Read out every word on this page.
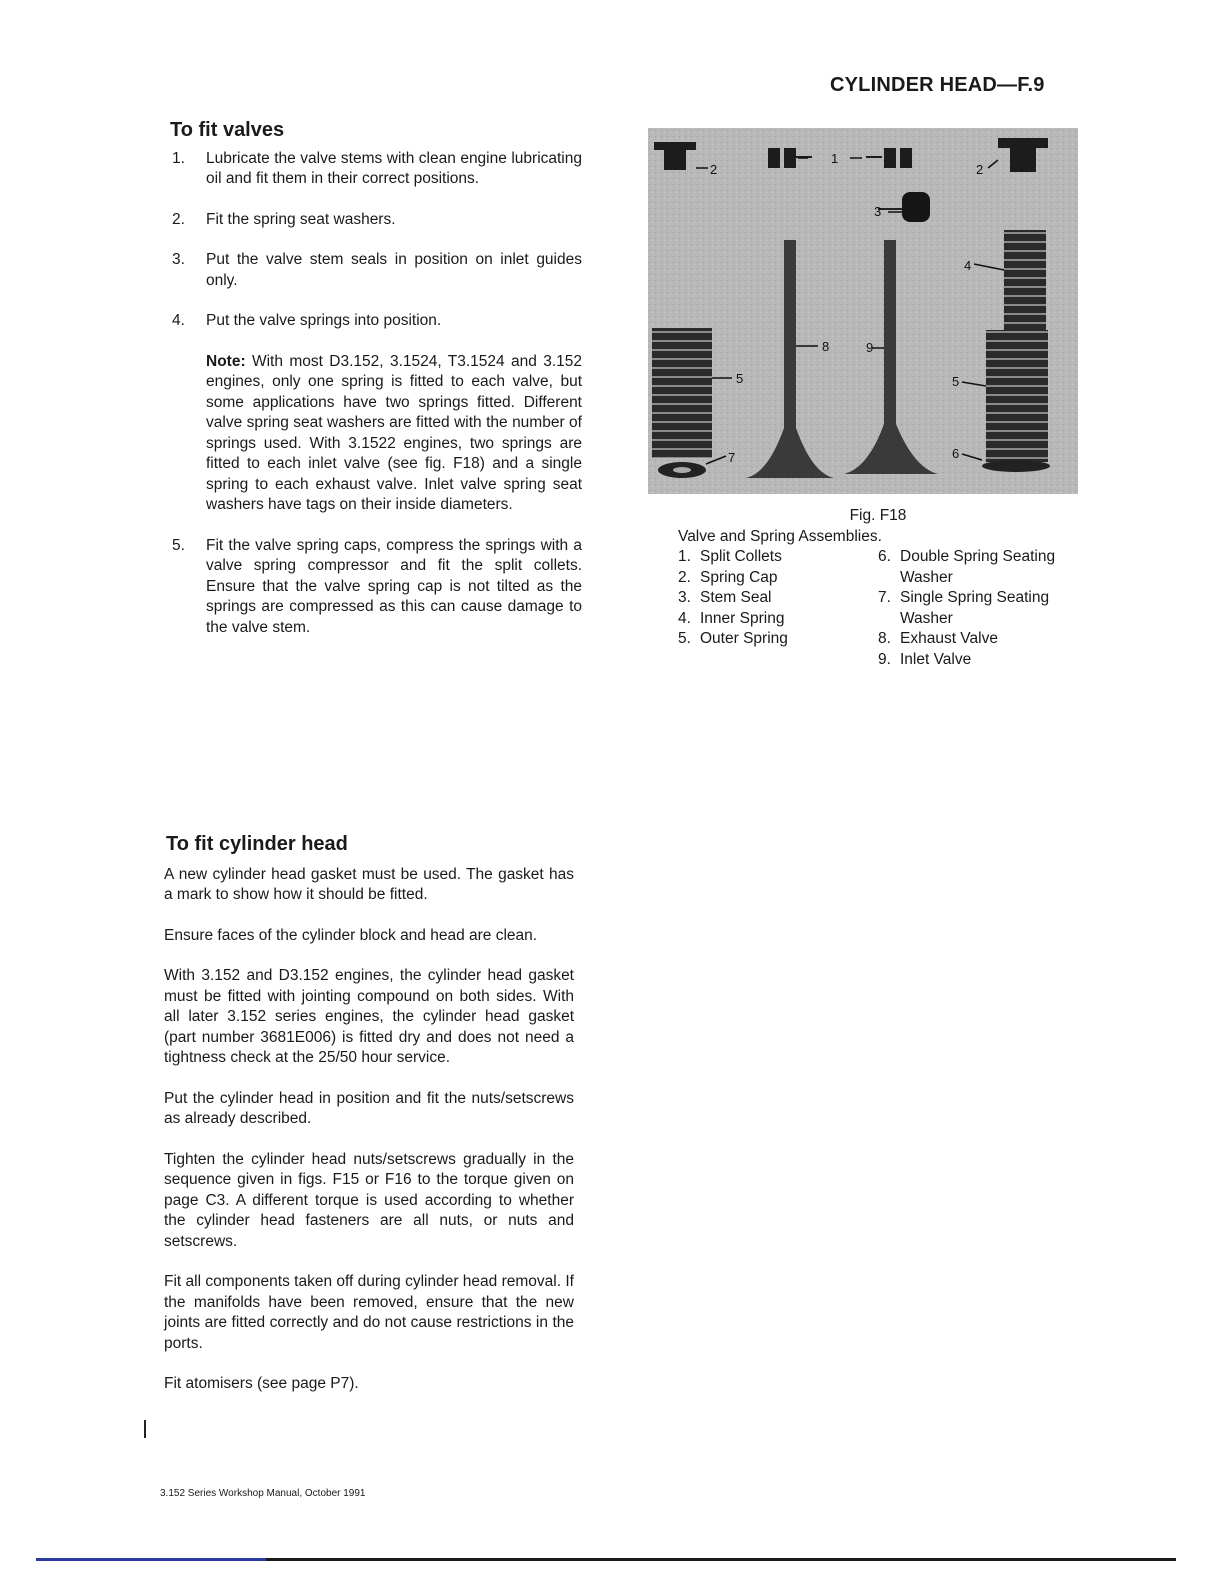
CYLINDER HEAD—F.9
To fit valves
1. Lubricate the valve stems with clean engine lubricating oil and fit them in their correct positions.
2. Fit the spring seat washers.
3. Put the valve stem seals in position on inlet guides only.
4. Put the valve springs into position.
Note: With most D3.152, 3.1524, T3.1524 and 3.152 engines, only one spring is fitted to each valve, but some applications have two springs fitted. Different valve spring seat washers are fitted with the number of springs used. With 3.1522 engines, two springs are fitted to each inlet valve (see fig. F18) and a single spring to each exhaust valve. Inlet valve spring seat washers have tags on their inside diameters.
5. Fit the valve spring caps, compress the springs with a valve spring compressor and fit the split collets. Ensure that the valve spring cap is not tilted as the springs are compressed as this can cause damage to the valve stem.
To fit cylinder head

A new cylinder head gasket must be used. The gasket has a mark to show how it should be fitted.

Ensure faces of the cylinder block and head are clean.

With 3.152 and D3.152 engines, the cylinder head gasket must be fitted with jointing compound on both sides. With all later 3.152 series engines, the cylinder head gasket (part number 3681E006) is fitted dry and does not need a tightness check at the 25/50 hour service.

Put the cylinder head in position and fit the nuts/setscrews as already described.

Tighten the cylinder head nuts/setscrews gradually in the sequence given in figs. F15 or F16 to the torque given on page C3. A different torque is used according to whether the cylinder head fasteners are all nuts, or nuts and setscrews.

Fit all components taken off during cylinder head removal. If the manifolds have been removed, ensure that the new joints are fitted correctly and do not cause restrictions in the ports.

Fit atomisers (see page P7).

2
1
2
3
4
5	5
8	9
7	6
Fig. F18
Valve and Spring Assemblies.
1. Split Collets
2. Spring Cap
3. Stem Seal
4. Inner Spring
5. Outer Spring
6. Double Spring Seating Washer
7. Single Spring Seating Washer
8. Exhaust Valve
9. Inlet Valve
3.152 Series Workshop Manual, October 1991
